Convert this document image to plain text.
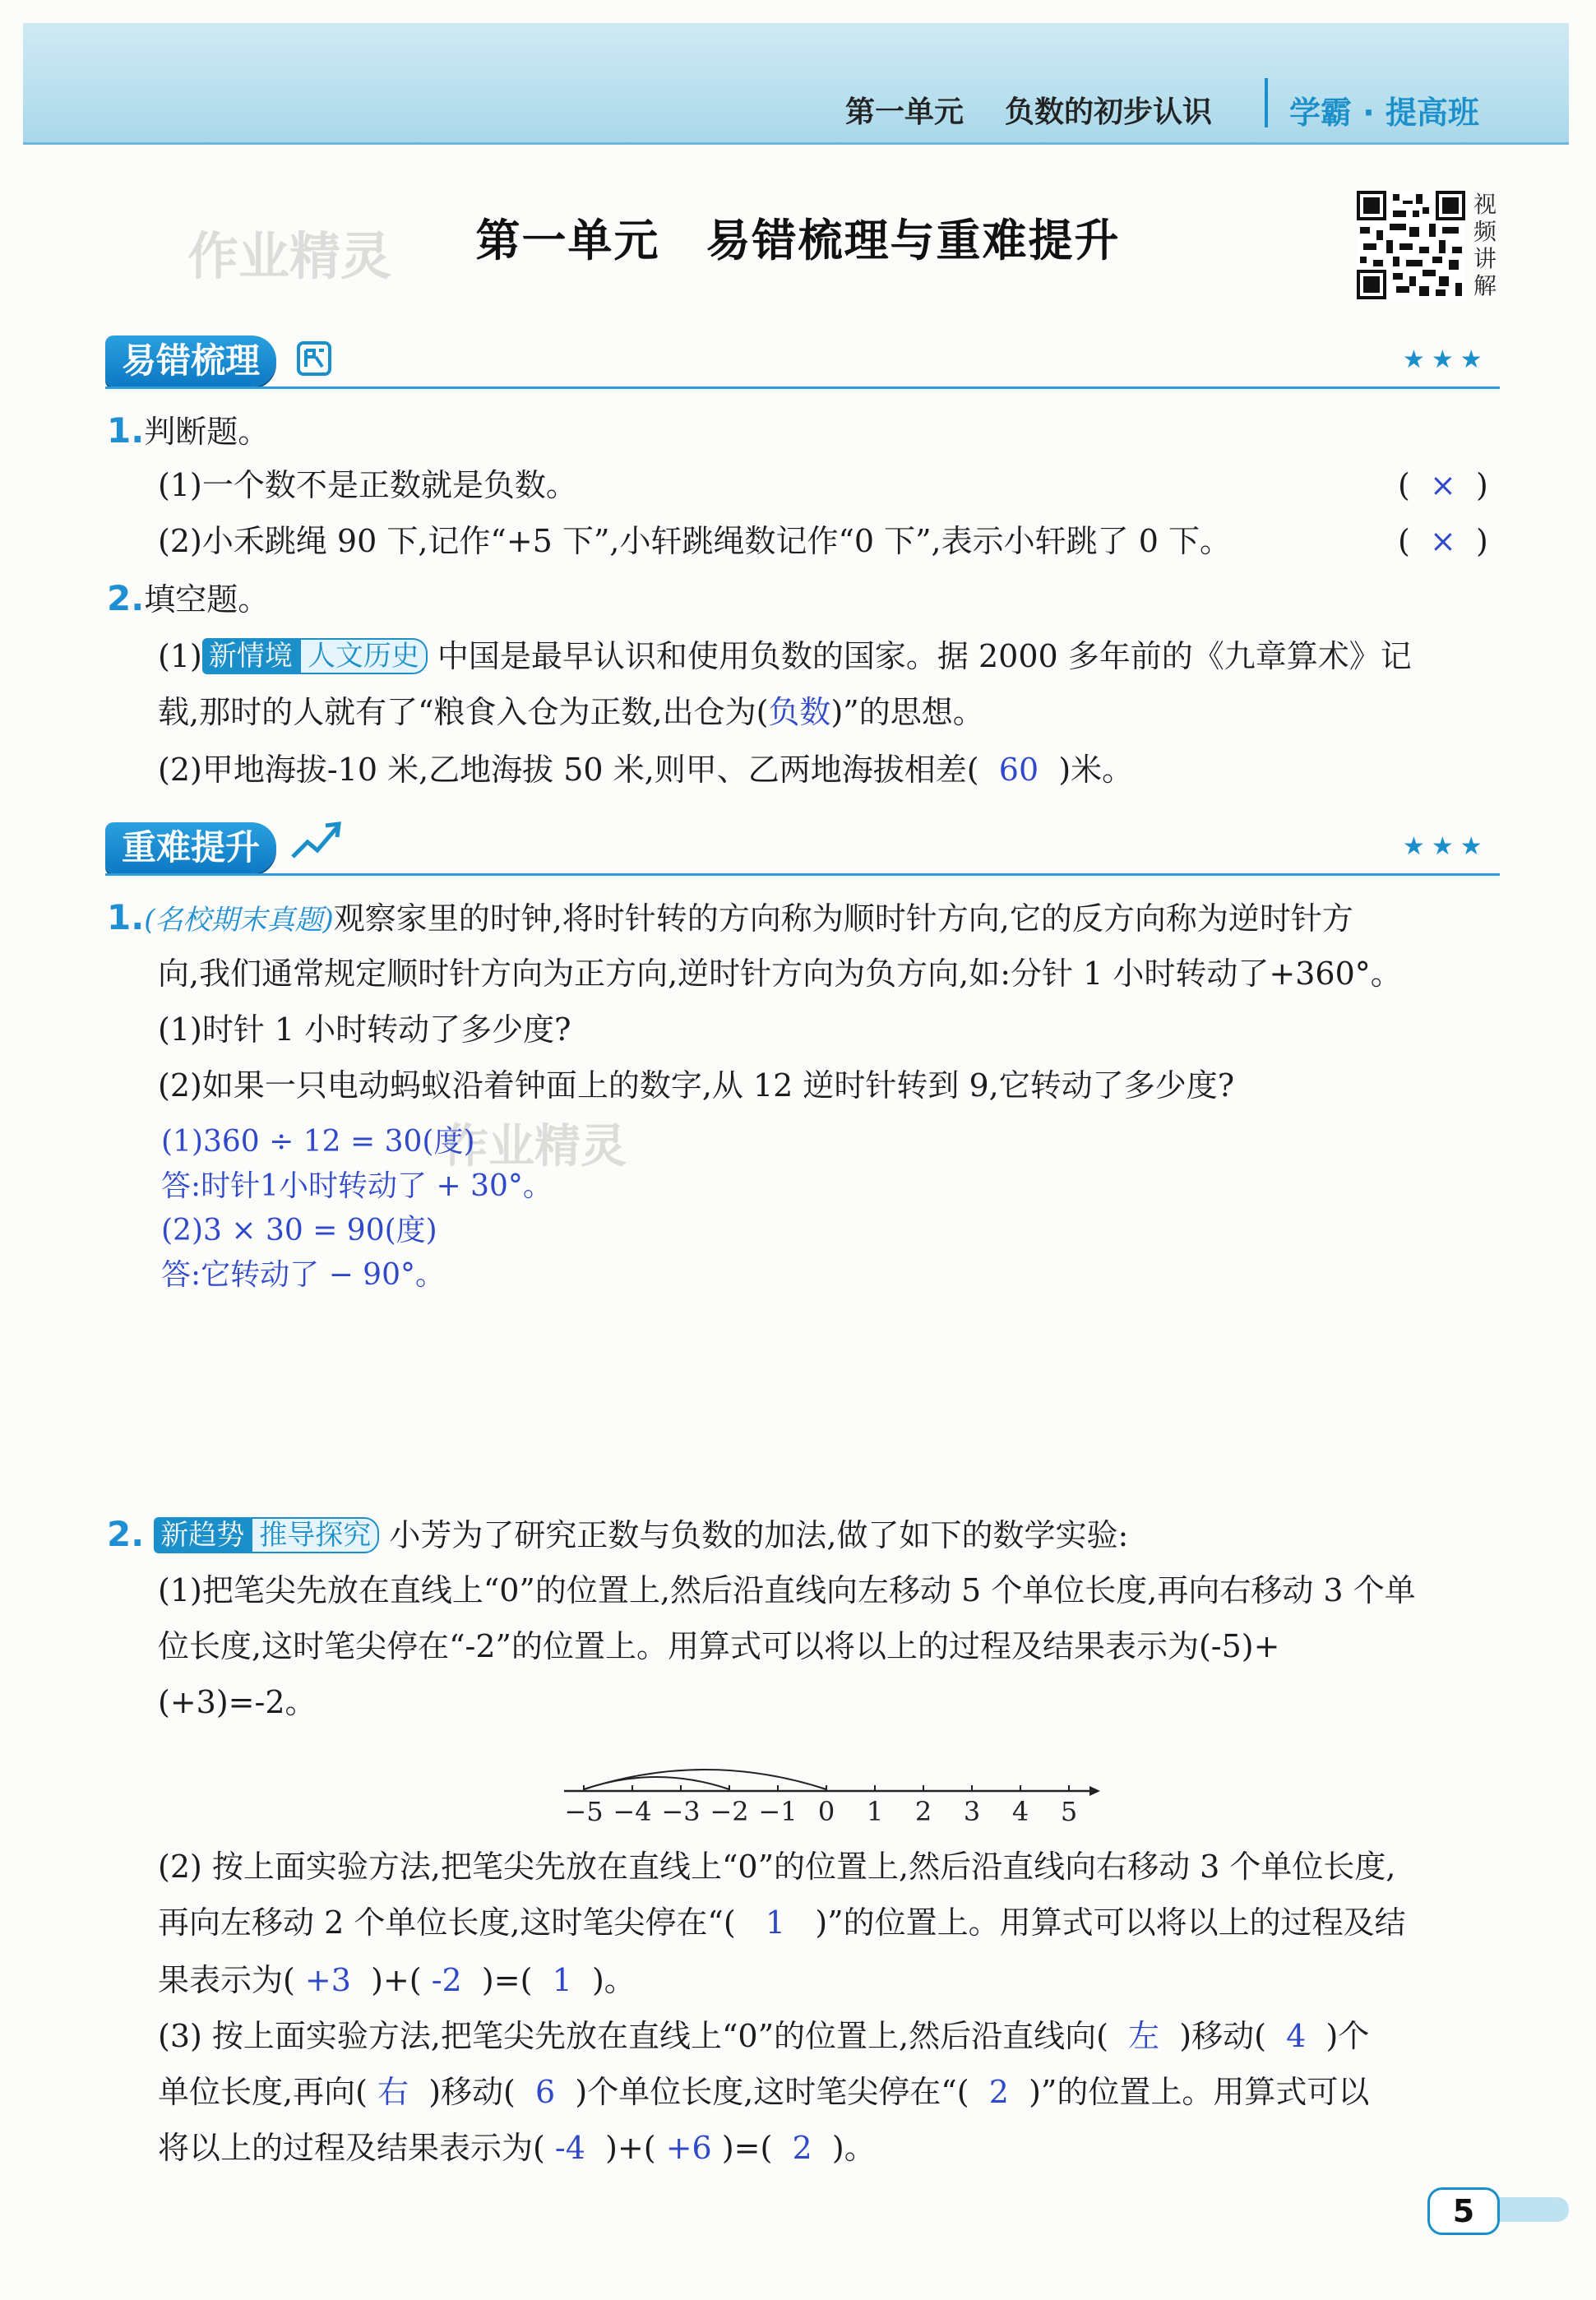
第一单元 负数的初步认识 学霸 · 提高班
作业精灵
作业精灵
第一单元　易错梳理与重难提升
视频讲解
易错梳理	★★★
1.判断题。
(1)一个数不是正数就是负数。	(  ×  )
(2)小禾跳绳 90 下,记作“+5 下”,小轩跳绳数记作“0 下”,表示小轩跳了 0 下。	(  ×  )
2.填空题。
(1) 新情境 人文历史 中国是最早认识和使用负数的国家。据 2000 多年前的《九章算术》记
载,那时的人就有了“粮食入仓为正数,出仓为(负数)”的思想。
(2)甲地海拔-10 米,乙地海拔 50 米,则甲、乙两地海拔相差( 60 )米。
重难提升	★★★
1.(名校期末真题)观察家里的时钟,将时针转的方向称为顺时针方向,它的反方向称为逆时针方
向,我们通常规定顺时针方向为正方向,逆时针方向为负方向,如:分针 1 小时转动了+360°。
(1)时针 1 小时转动了多少度?
(2)如果一只电动蚂蚁沿着钟面上的数字,从 12 逆时针转到 9,它转动了多少度?
(1)360 ÷ 12 = 30(度)
答:时针1小时转动了 + 30°。
(2)3 × 30 = 90(度)
答:它转动了 − 90°。
2. 新趋势 推导探究 小芳为了研究正数与负数的加法,做了如下的数学实验:
(1)把笔尖先放在直线上“0”的位置上,然后沿直线向左移动 5 个单位长度,再向右移动 3 个单
位长度,这时笔尖停在“-2”的位置上。用算式可以将以上的过程及结果表示为(-5)+
(+3)=-2。
−5 −4 −3 −2 −1 0 1 2 3 4 5
(2) 按上面实验方法,把笔尖先放在直线上“0”的位置上,然后沿直线向右移动 3 个单位长度,
再向左移动 2 个单位长度,这时笔尖停在“( 1 )”的位置上。用算式可以将以上的过程及结
果表示为( +3 )+( -2 )=( 1 )。
(3) 按上面实验方法,把笔尖先放在直线上“0”的位置上,然后沿直线向( 左 )移动( 4 )个
单位长度,再向( 右 )移动( 6 )个单位长度,这时笔尖停在“( 2 )”的位置上。用算式可以
将以上的过程及结果表示为( -4 )+( +6 )=( 2 )。
5
